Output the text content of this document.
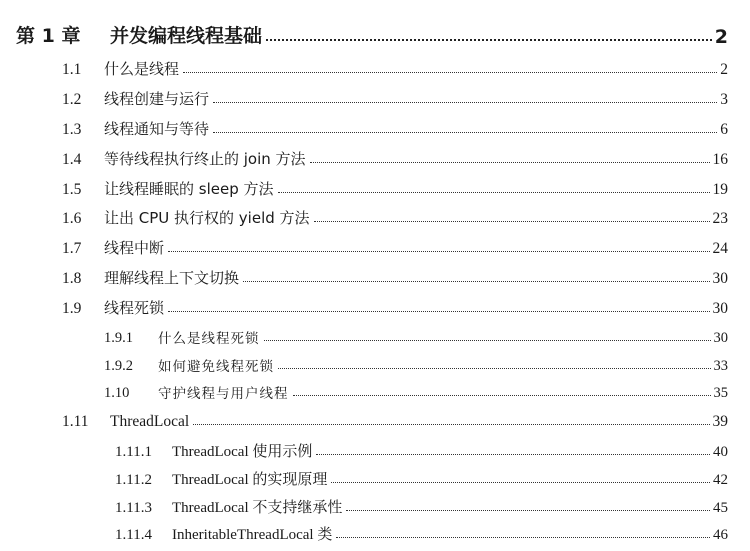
第 1 章	并发编程线程基础	2
1.1	什么是线程	2
1.2	线程创建与运行	3
1.3	线程通知与等待	6
1.4	等待线程执行终止的 join 方法	16
1.5	让线程睡眠的 sleep 方法	19
1.6	让出 CPU 执行权的 yield 方法	23
1.7	线程中断	24
1.8	理解线程上下文切换	30
1.9	线程死锁	30
1.9.1	什么是线程死锁	30
1.9.2	如何避免线程死锁	33
1.10	守护线程与用户线程	35
1.11	ThreadLocal	39
1.11.1	ThreadLocal 使用示例	40
1.11.2	ThreadLocal 的实现原理	42
1.11.3	ThreadLocal 不支持继承性	45
1.11.4	InheritableThreadLocal 类	46
